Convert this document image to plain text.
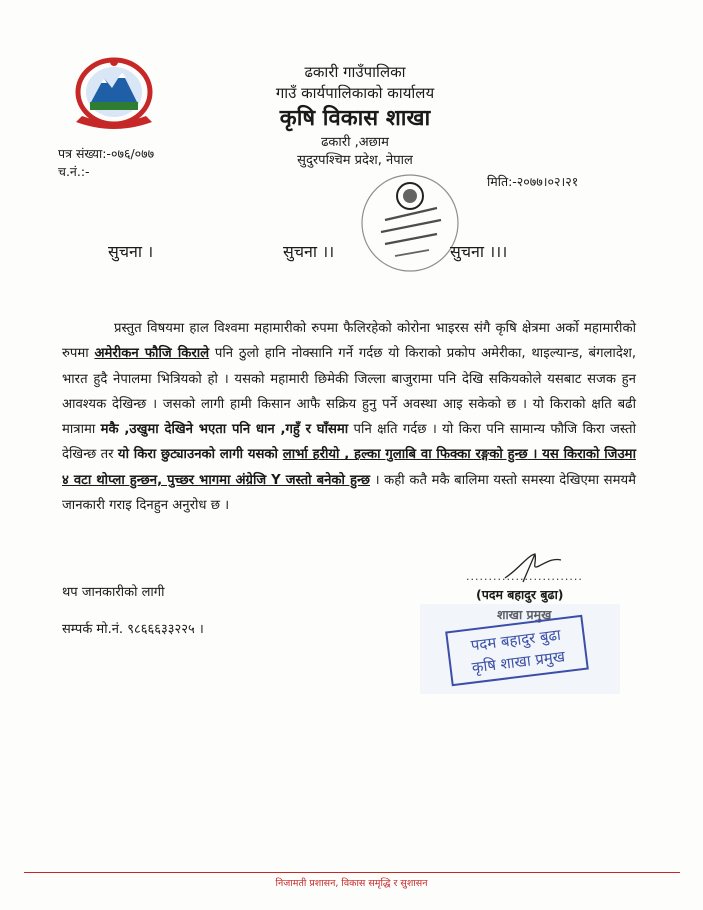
ढकारी गाउँपालिका
गाउँ कार्यपालिकाको कार्यालय
कृषि विकास शाखा
ढकारी ,अछाम
सुदुरपश्चिम प्रदेश, नेपाल
पत्र संख्या:-०७६/०७७
च.नं.:-
मिति:-२०७७।०२।२१
सुचना ।	सुचना ।।	सुचना ।।।
प्रस्तुत विषयमा हाल विश्वमा महामारीको रुपमा फैलिरहेको कोरोना भाइरस संगै कृषि क्षेत्रमा अर्को महामारीको रुपमा अमेरीकन फौजि किराले पनि ठुलो हानि नोक्सानि गर्ने गर्दछ यो किराको प्रकोप अमेरीका, थाइल्यान्ड, बंगलादेश, भारत हुदै नेपालमा भित्रियको हो । यसको महामारी छिमेकी जिल्ला बाजुरामा पनि देखि सकियकोले यसबाट सजक हुन आवश्यक देखिन्छ । जसको लागी हामी किसान आफै सक्रिय हुनु पर्ने अवस्था आइ सकेको छ । यो किराको क्षति बढी मात्रामा मकै ,उखुमा देखिने भएता पनि धान ,गहुँ र घाँसमा पनि क्षति गर्दछ । यो किरा पनि सामान्य फौजि किरा जस्तो देखिन्छ तर यो किरा छुट्याउनको लागी यसको लार्भा हरीयो , हल्का गुलाबि वा फिक्का रङ्गको हुन्छ । यस किराको जिउमा ४ वटा थोप्ला हुन्छन, पुच्छर भागमा अंग्रेजि Y जस्तो बनेको हुन्छ । कही कतै मकै बालिमा यस्तो समस्या देखिएमा समयमै जानकारी गराइ दिनहुन अनुरोध छ ।
थप जानकारीको लागी
सम्पर्क मो.नं. ९८६६६३३२२५ ।
..........................
(पदम बहादुर बुढा)
शाखा प्रमुख
पदम बहादुर बुढा
कृषि शाखा प्रमुख
निजामती प्रशासन, विकास समृद्धि र सुशासन
